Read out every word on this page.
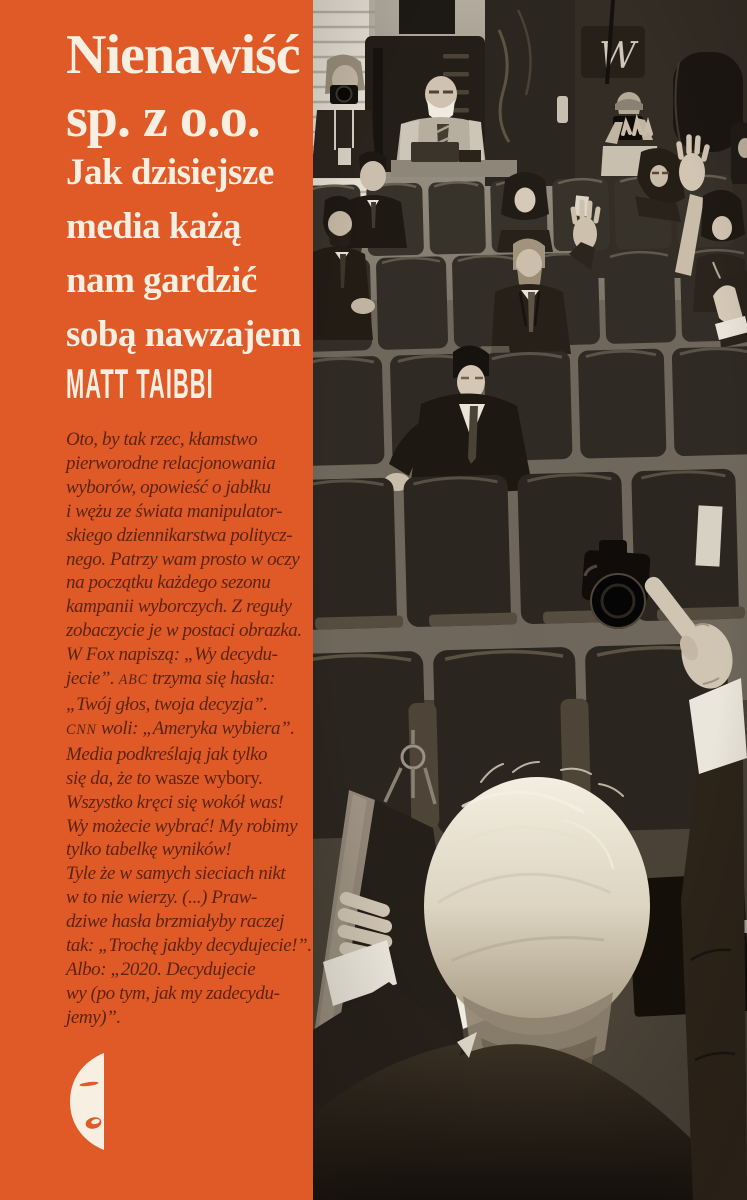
Nienawiść
sp. z o.o.
Jak dzisiejsze
media każą
nam gardzić
sobą nawzajem
MATT TAIBBI
Oto, by tak rzec, kłamstwo
pierworodne relacjonowania
wyborów, opowieść o jabłku
i wężu ze świata manipulator-
skiego dziennikarstwa politycz-
nego. Patrzy wam prosto w oczy
na początku każdego sezonu
kampanii wyborczych. Z reguły
zobaczycie je w postaci obrazka.
W Fox napiszą: „Wy decydu-
jecie”. ABC trzyma się hasła:
„Twój głos, twoja decyzja”.
CNN woli: „Ameryka wybiera”.
Media podkreślają jak tylko
się da, że to wasze wybory.
Wszystko kręci się wokół was!
Wy możecie wybrać! My robimy
tylko tabelkę wyników!
Tyle że w samych sieciach nikt
w to nie wierzy. (...) Praw-
dziwe hasła brzmiałyby raczej
tak: „Trochę jakby decydujecie!”.
Albo: „2020. Decydujecie
wy (po tym, jak my zadecydu-
jemy)”.
